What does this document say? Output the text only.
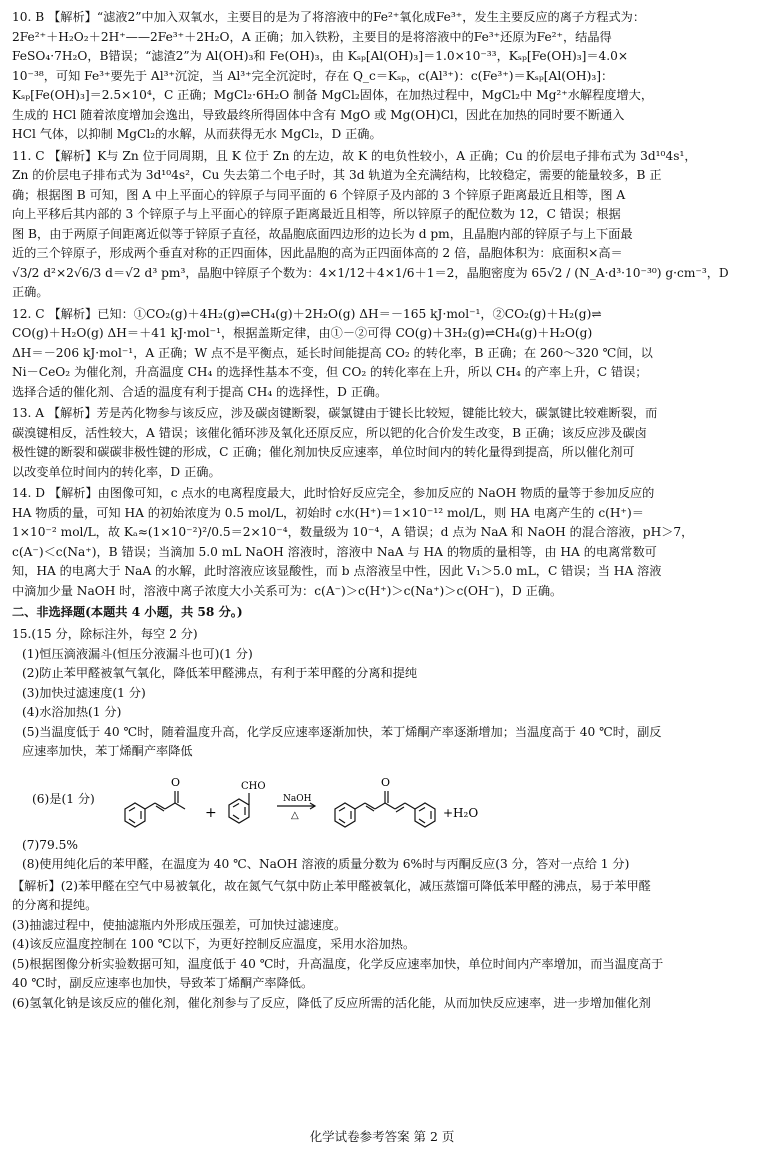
10. B 【解析】“滤液2”中加入双氧水，主要目的是为了将溶液中的Fe²⁺氧化成Fe³⁺，发生主要反应的离子方程式为：
2Fe²⁺＋H₂O₂＋2H⁺——2Fe³⁺＋2H₂O，A 正确；加入铁粉，主要目的是将溶液中的Fe³⁺还原为Fe²⁺，结晶得
FeSO₄·7H₂O，B错误；“滤渣2”为 Al(OH)₃和 Fe(OH)₃，由 Kₛₚ[Al(OH)₃]＝1.0×10⁻³³，Kₛₚ[Fe(OH)₃]＝4.0×
10⁻³⁸，可知 Fe³⁺要先于 Al³⁺沉淀，当 Al³⁺完全沉淀时，存在 Q_c＝Kₛₚ，c(Al³⁺)：c(Fe³⁺)＝Kₛₚ[Al(OH)₃]：
Kₛₚ[Fe(OH)₃]＝2.5×10⁴，C 正确；MgCl₂·6H₂O 制备 MgCl₂固体，在加热过程中，MgCl₂中 Mg²⁺水解程度增大，
生成的 HCl 随着浓度增加会逸出，导致最终所得固体中含有 MgO 或 Mg(OH)Cl，因此在加热的同时要不断通入
HCl 气体，以抑制 MgCl₂的水解，从而获得无水 MgCl₂，D 正确。
11. C 【解析】K与 Zn 位于同周期，且 K 位于 Zn 的左边，故 K 的电负性较小，A 正确；Cu 的价层电子排布式为 3d¹⁰4s¹，
Zn 的价层电子排布式为 3d¹⁰4s²，Cu 失去第二个电子时，其 3d 轨道为全充满结构，比较稳定，需要的能量较多，B 正
确；根据图 B 可知，图 A 中上平面心的锌原子与同平面的 6 个锌原子及内部的 3 个锌原子距离最近且相等，图 A
向上平移后其内部的 3 个锌原子与上平面心的锌原子距离最近且相等，所以锌原子的配位数为 12，C 错误；根据
图 B，由于两原子间距离近似等于锌原子直径，故晶胞底面四边形的边长为 d pm，且晶胞内部的锌原子与上下面最
近的三个锌原子，形成两个垂直对称的正四面体，因此晶胞的高为正四面体高的 2 倍，晶胞体积为：底面积×高＝
√3/2 d²×2√6/3 d＝√2 d³ pm³，晶胞中锌原子个数为：4×1/12＋4×1/6＋1＝2，晶胞密度为 65√2 / (N_A·d³·10⁻³⁰) g·cm⁻³，D
正确。
12. C 【解析】已知：①CO₂(g)＋4H₂(g)⇌CH₄(g)＋2H₂O(g) ΔH＝－165 kJ·mol⁻¹，②CO₂(g)＋H₂(g)⇌
CO(g)＋H₂O(g) ΔH＝＋41 kJ·mol⁻¹，根据盖斯定律，由①－②可得 CO(g)＋3H₂(g)⇌CH₄(g)＋H₂O(g)
ΔH＝－206 kJ·mol⁻¹，A 正确；W 点不是平衡点，延长时间能提高 CO₂ 的转化率，B 正确；在 260～320 ℃间，以
Ni－CeO₂ 为催化剂，升高温度 CH₄ 的选择性基本不变，但 CO₂ 的转化率在上升，所以 CH₄ 的产率上升，C 错误；
选择合适的催化剂、合适的温度有利于提高 CH₄ 的选择性，D 正确。
13. A 【解析】芳是芮化物参与该反应，涉及碳卤键断裂，碳氯键由于键长比较短，键能比较大，碳氯键比较难断裂，而
碳溴键相反，活性较大，A 错误；该催化循环涉及氧化还原反应，所以钯的化合价发生改变，B 正确；该反应涉及碳卤
极性键的断裂和碳碳非极性键的形成，C 正确；催化剂加快反应速率，单位时间内的转化量得到提高，所以催化剂可
以改变单位时间内的转化率，D 正确。
14. D 【解析】由图像可知，c 点水的电离程度最大，此时恰好反应完全，参加反应的 NaOH 物质的量等于参加反应的
HA 物质的量，可知 HA 的初始浓度为 0.5 mol/L，初始时 c水(H⁺)＝1×10⁻¹² mol/L，则 HA 电离产生的 c(H⁺)＝
1×10⁻² mol/L，故 Kₐ≈(1×10⁻²)²/0.5＝2×10⁻⁴，数量级为 10⁻⁴，A 错误；d 点为 NaA 和 NaOH 的混合溶液，pH＞7，
c(A⁻)＜c(Na⁺)，B 错误；当滴加 5.0 mL NaOH 溶液时，溶液中 NaA 与 HA 的物质的量相等，由 HA 的电离常数可
知，HA 的电离大于 NaA 的水解，此时溶液应该显酸性，而 b 点溶液呈中性，因此 V₁＞5.0 mL，C 错误；当 HA 溶液
中滴加少量 NaOH 时，溶液中离子浓度大小关系可为：c(A⁻)＞c(H⁺)＞c(Na⁺)＞c(OH⁻)，D 正确。
二、非选择题(本题共 4 小题，共 58 分。)
15.(15 分，除标注外，每空 2 分)
(1)恒压滴液漏斗(恒压分液漏斗也可)(1 分)
(2)防止苯甲醛被氧气氧化，降低苯甲醛沸点，有利于苯甲醛的分离和提纯
(3)加快过滤速度(1 分)
(4)水浴加热(1 分)
(5)当温度低于 40 ℃时，随着温度升高，化学反应速率逐渐加快，苯丁烯酮产率逐渐增加；当温度高于 40 ℃时，副反
应速率加快，苯丁烯酮产率降低
(6)是(1 分)
O
+
CHO
NaOH
△
O
+H₂O
(7)79.5%
(8)使用纯化后的苯甲醛，在温度为 40 ℃、NaOH 溶液的质量分数为 6%时与丙酮反应(3 分，答对一点给 1 分)
【解析】(2)苯甲醛在空气中易被氧化，故在氮气气氛中防止苯甲醛被氧化，减压蒸馏可降低苯甲醛的沸点，易于苯甲醛
的分离和提纯。
(3)抽滤过程中，使抽滤瓶内外形成压强差，可加快过滤速度。
(4)该反应温度控制在 100 ℃以下，为更好控制反应温度，采用水浴加热。
(5)根据图像分析实验数据可知，温度低于 40 ℃时，升高温度，化学反应速率加快，单位时间内产率增加，而当温度高于
40 ℃时，副反应速率也加快，导致苯丁烯酮产率降低。
(6)氢氧化钠是该反应的催化剂，催化剂参与了反应，降低了反应所需的活化能，从而加快反应速率，进一步增加催化剂
化学试卷参考答案 第 2 页
